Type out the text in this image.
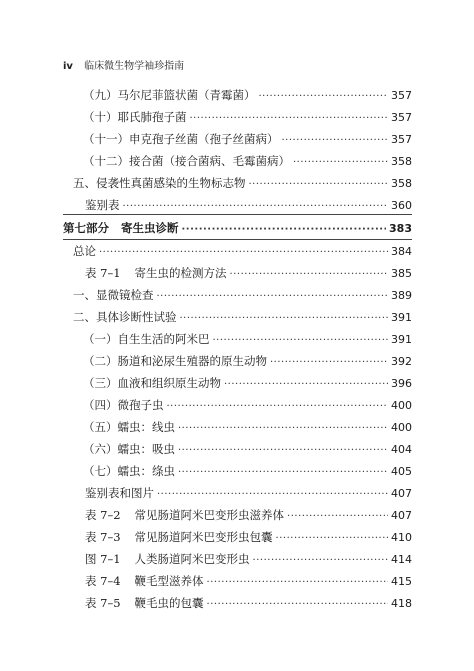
iv 临床微生物学袖珍指南
（九）马尔尼菲篮状菌（青霉菌） ·····	357
（十）耶氏肺孢子菌 ·····	357
（十一）申克孢子丝菌（孢子丝菌病） ·····	357
（十二）接合菌（接合菌病、毛霉菌病） ·····	358
五、侵袭性真菌感染的生物标志物 ·····	358
鉴别表 ·····	360
第七部分 寄生虫诊断 ·····	383
总论 ·····	384
表 7–1 寄生虫的检测方法 ·····	385
一、显微镜检查 ·····	389
二、具体诊断性试验 ·····	391
（一）自生生活的阿米巴 ·····	391
（二）肠道和泌尿生殖器的原生动物 ·····	392
（三）血液和组织原生动物 ·····	396
（四）微孢子虫 ·····	400
（五）蠕虫：线虫 ·····	400
（六）蠕虫：吸虫 ·····	404
（七）蠕虫：绦虫 ·····	405
鉴别表和图片 ·····	407
表 7–2 常见肠道阿米巴变形虫滋养体 ·····	407
表 7–3 常见肠道阿米巴变形虫包囊 ·····	410
图 7–1 人类肠道阿米巴变形虫 ·····	414
表 7–4 鞭毛型滋养体 ·····	415
表 7–5 鞭毛虫的包囊 ·····	418
